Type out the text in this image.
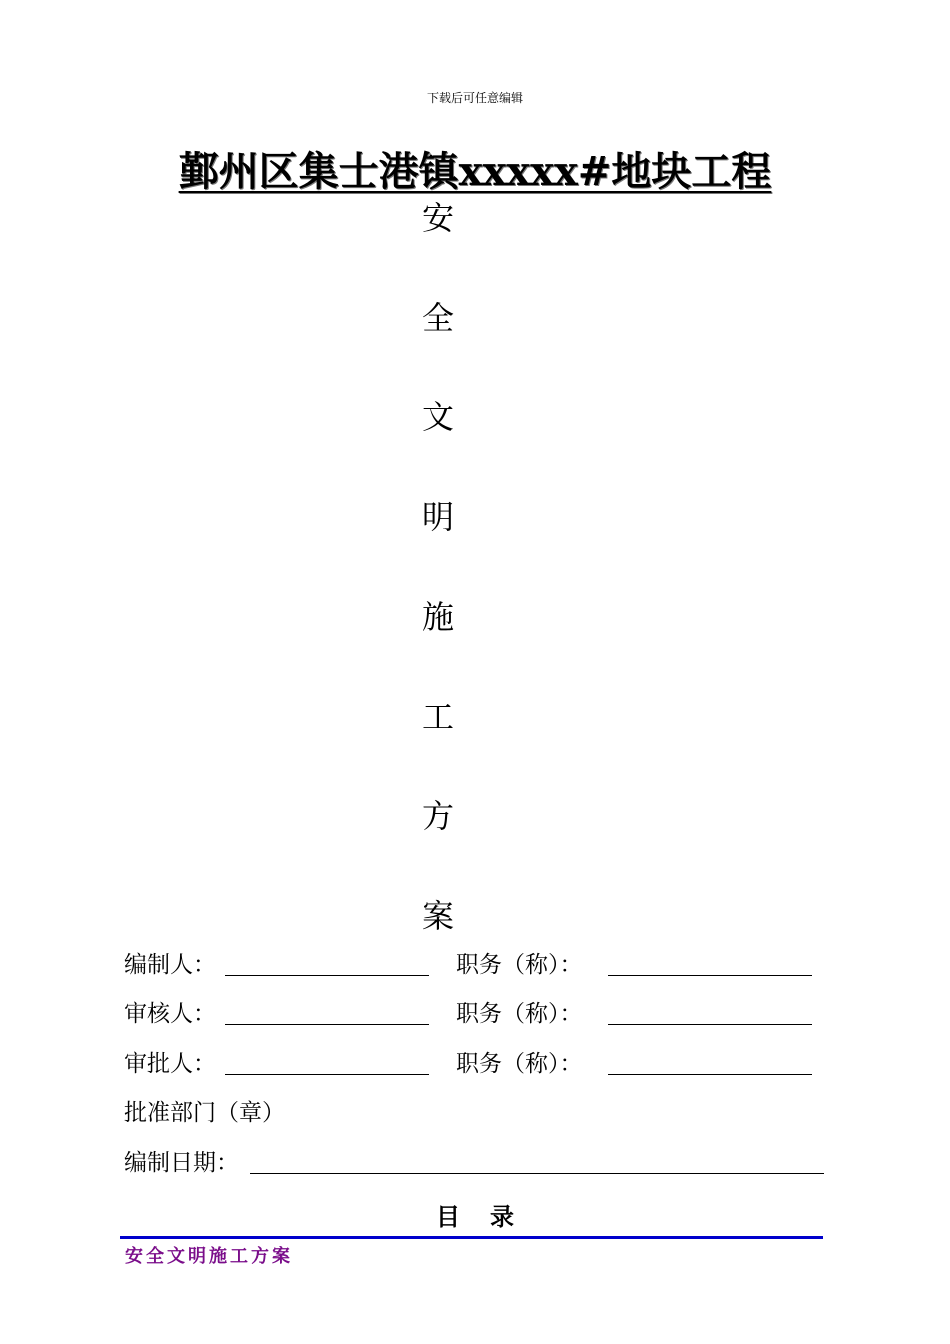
下载后可任意编辑
鄞州区集士港镇xxxxx#地块工程
安
全
文
明
施
工
方
案
编制人：	职务（称）：
审核人：	职务（称）：
审批人：	职务（称）：
批准部门（章）
编制日期：
目录
安全文明施工方案
